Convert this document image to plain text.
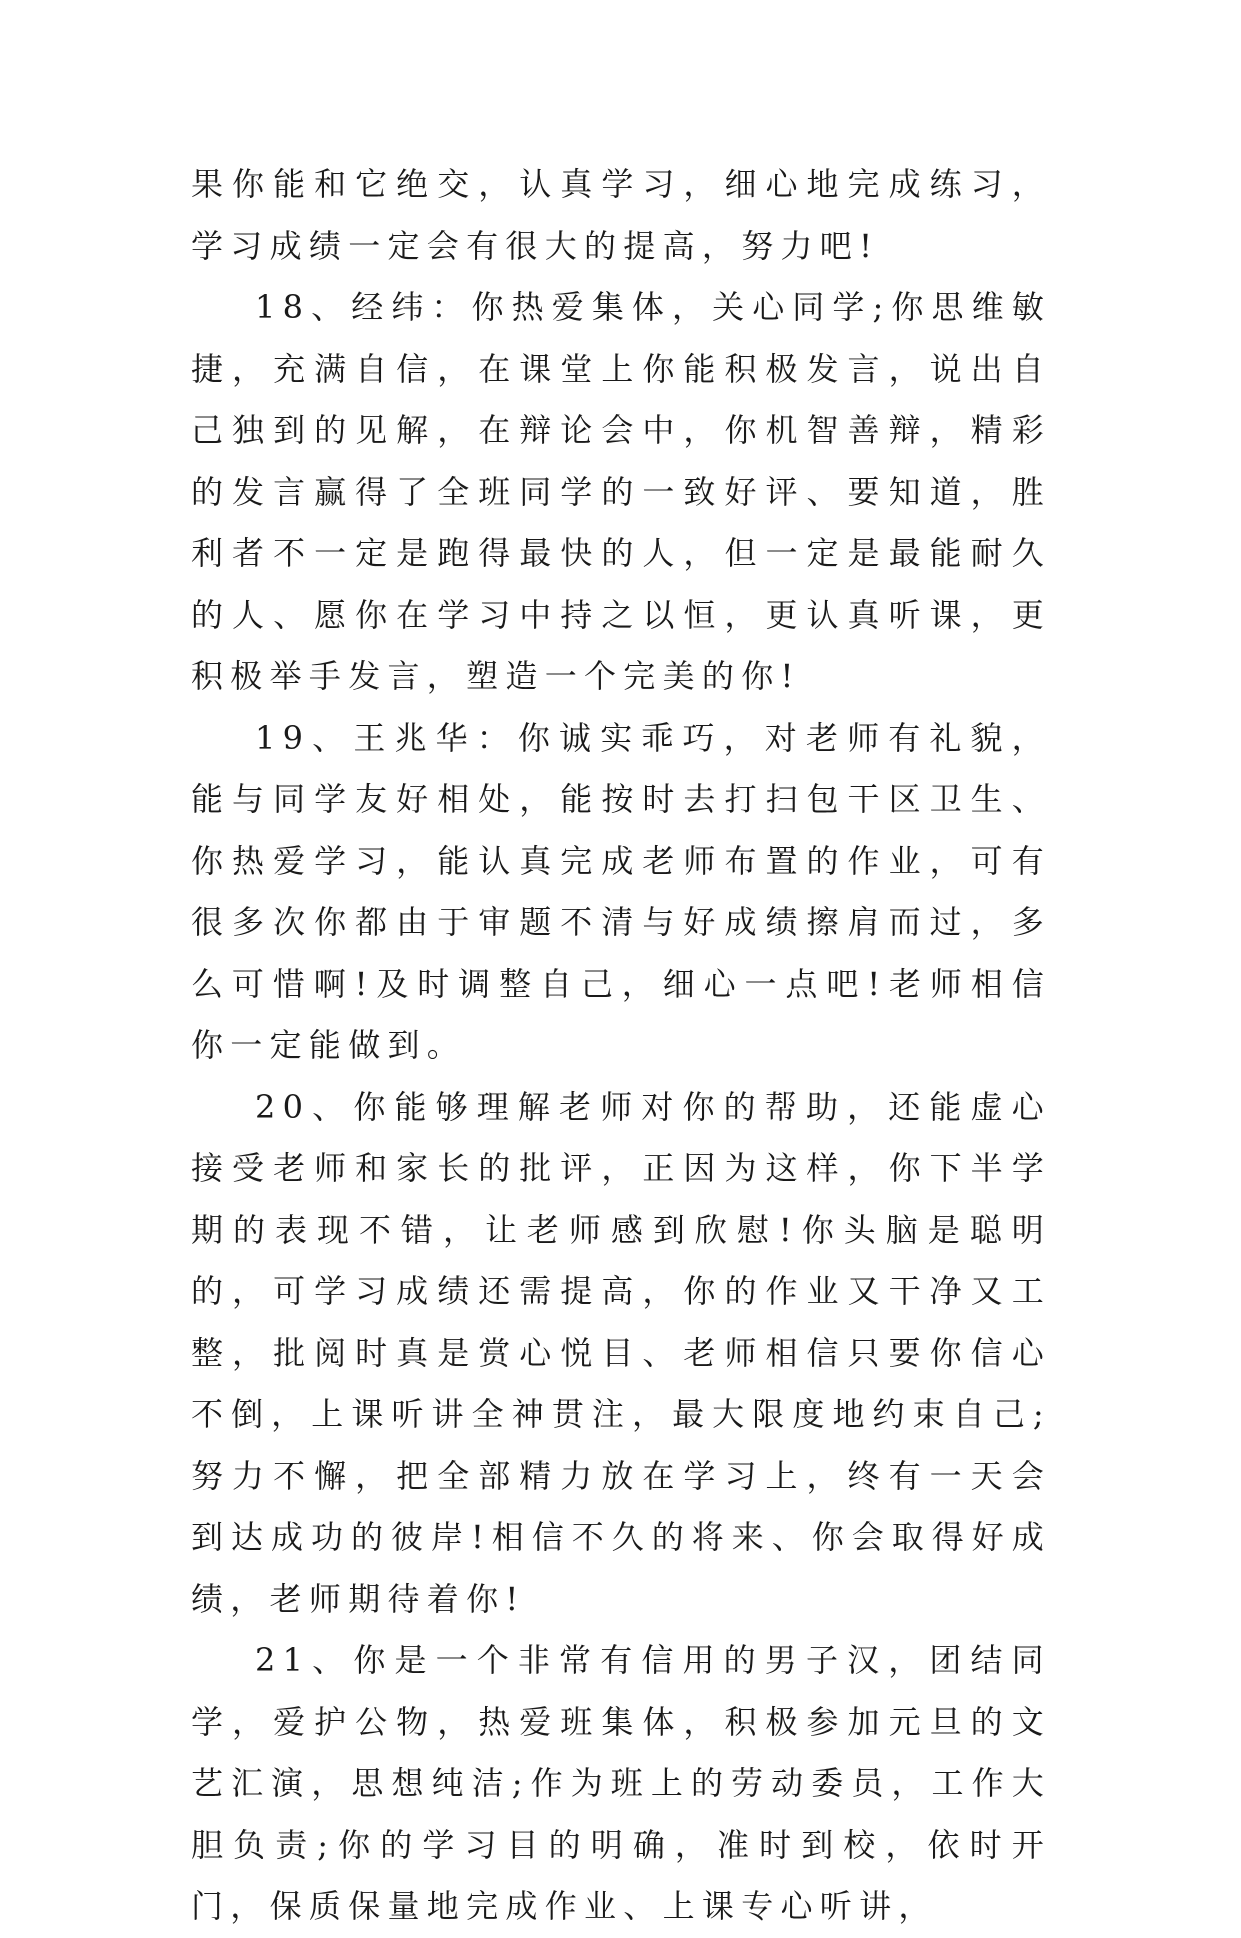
果你能和它绝交，认真学习，细心地完成练习，学习成绩一定会有很大的提高，努力吧!

18、经纬：你热爱集体，关心同学;你思维敏捷，充满自信，在课堂上你能积极发言，说出自己独到的见解，在辩论会中，你机智善辩，精彩的发言赢得了全班同学的一致好评、要知道，胜利者不一定是跑得最快的人，但一定是最能耐久的人、愿你在学习中持之以恒，更认真听课，更积极举手发言，塑造一个完美的你!

19、王兆华：你诚实乖巧，对老师有礼貌，能与同学友好相处，能按时去打扫包干区卫生、你热爱学习，能认真完成老师布置的作业，可有很多次你都由于审题不清与好成绩擦肩而过，多么可惜啊!及时调整自己，细心一点吧!老师相信你一定能做到。

20、你能够理解老师对你的帮助，还能虚心接受老师和家长的批评，正因为这样，你下半学期的表现不错，让老师感到欣慰!你头脑是聪明的，可学习成绩还需提高，你的作业又干净又工整，批阅时真是赏心悦目、老师相信只要你信心不倒，上课听讲全神贯注，最大限度地约束自己;努力不懈，把全部精力放在学习上，终有一天会到达成功的彼岸!相信不久的将来、你会取得好成绩，老师期待着你!

21、你是一个非常有信用的男子汉，团结同学，爱护公物，热爱班集体，积极参加元旦的文艺汇演，思想纯洁;作为班上的劳动委员，工作大胆负责;你的学习目的明确，准时到校，依时开门，保质保量地完成作业、上课专心听讲，
